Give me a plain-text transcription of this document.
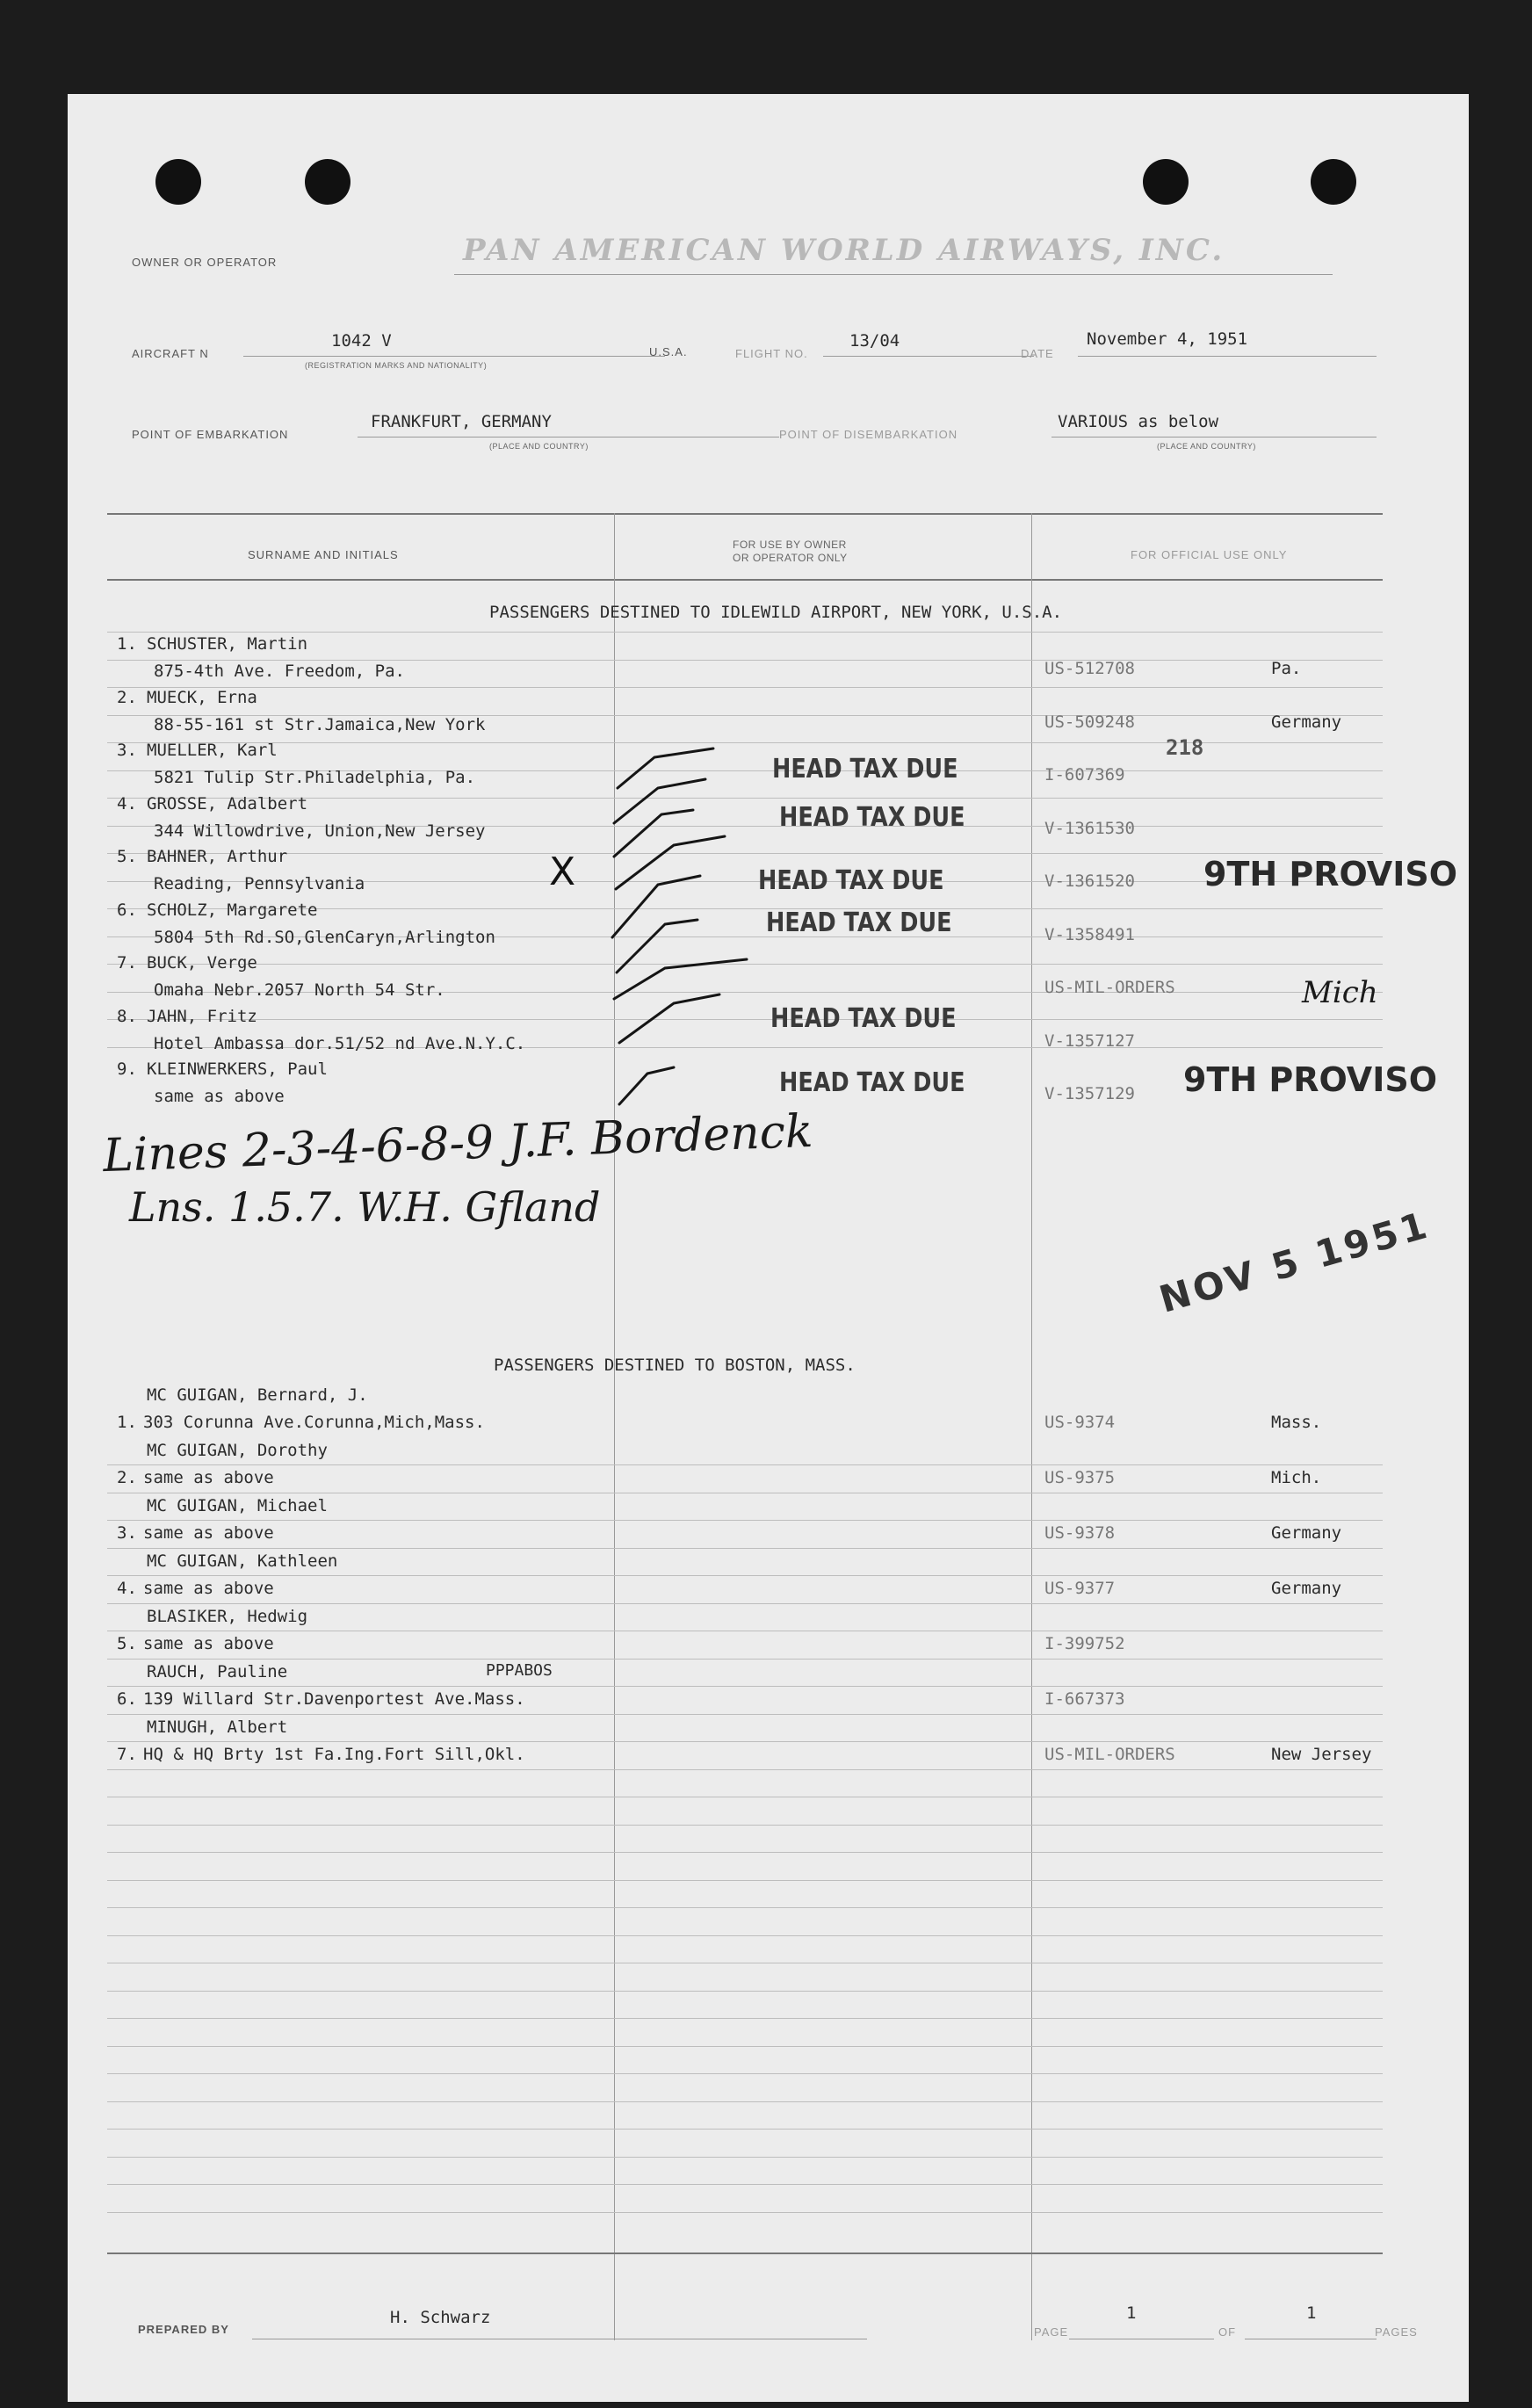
OWNER OR OPERATOR	PAN AMERICAN WORLD AIRWAYS, INC.
AIRCRAFT N
1042 V
(REGISTRATION MARKS AND NATIONALITY)
U.S.A.	FLIGHT NO.
13/04
DATE
November 4, 1951
POINT OF EMBARKATION
FRANKFURT, GERMANY
(PLACE AND COUNTRY)
POINT OF DISEMBARKATION
VARIOUS as below
(PLACE AND COUNTRY)
SURNAME AND INITIALS
FOR USE BY OWNER
OR OPERATOR ONLY	FOR OFFICIAL USE ONLY
PASSENGERS DESTINED TO IDLEWILD AIRPORT, NEW YORK, U.S.A.
1. SCHUSTER, Martin
875-4th Ave. Freedom, Pa.	US-512708	Pa.
2. MUECK, Erna
88-55-161 st Str.Jamaica,New York	US-509248	Germany
3. MUELLER, Karl
5821 Tulip Str.Philadelphia, Pa.	I-607369
4. GROSSE, Adalbert
344 Willowdrive, Union,New Jersey	V-1361530
5. BAHNER, Arthur
Reading, Pennsylvania	V-1361520
6. SCHOLZ, Margarete
5804 5th Rd.SO,GlenCaryn,Arlington	V-1358491
7. BUCK, Verge
Omaha Nebr.2057 North 54 Str.	US-MIL-ORDERS
8. JAHN, Fritz
Hotel Ambassa dor.51/52 nd Ave.N.Y.C.	V-1357127
9. KLEINWERKERS, Paul
same as above	V-1357129
PASSENGERS DESTINED TO BOSTON, MASS.
1.
MC GUIGAN, Bernard, J.
303 Corunna Ave.Corunna,Mich,Mass.	US-9374	Mass.
2.
MC GUIGAN, Dorothy
same as above	US-9375	Mich.
3.
MC GUIGAN, Michael
same as above	US-9378	Germany
4.
MC GUIGAN, Kathleen
same as above	US-9377	Germany
5.
BLASIKER, Hedwig
same as above	I-399752
6.
RAUCH, Pauline
139 Willard Str.Davenportest Ave.Mass.	I-667373
7.
MINUGH, Albert
HQ & HQ Brty 1st Fa.Ing.Fort Sill,Okl.	US-MIL-ORDERS	New Jersey
HEAD TAX DUE
HEAD TAX DUE
HEAD TAX DUE
HEAD TAX DUE
HEAD TAX DUE
HEAD TAX DUE
9TH PROVISO
9TH PROVISO
218
PPPABOS
NOV 5 1951
Lines 2-3-4-6-8-9 J.F. Bordenck
Lns. 1.5.7. W.H. Gfland
Mich
X
PREPARED BY
H. Schwarz
PAGE
1
OF
1
PAGES
